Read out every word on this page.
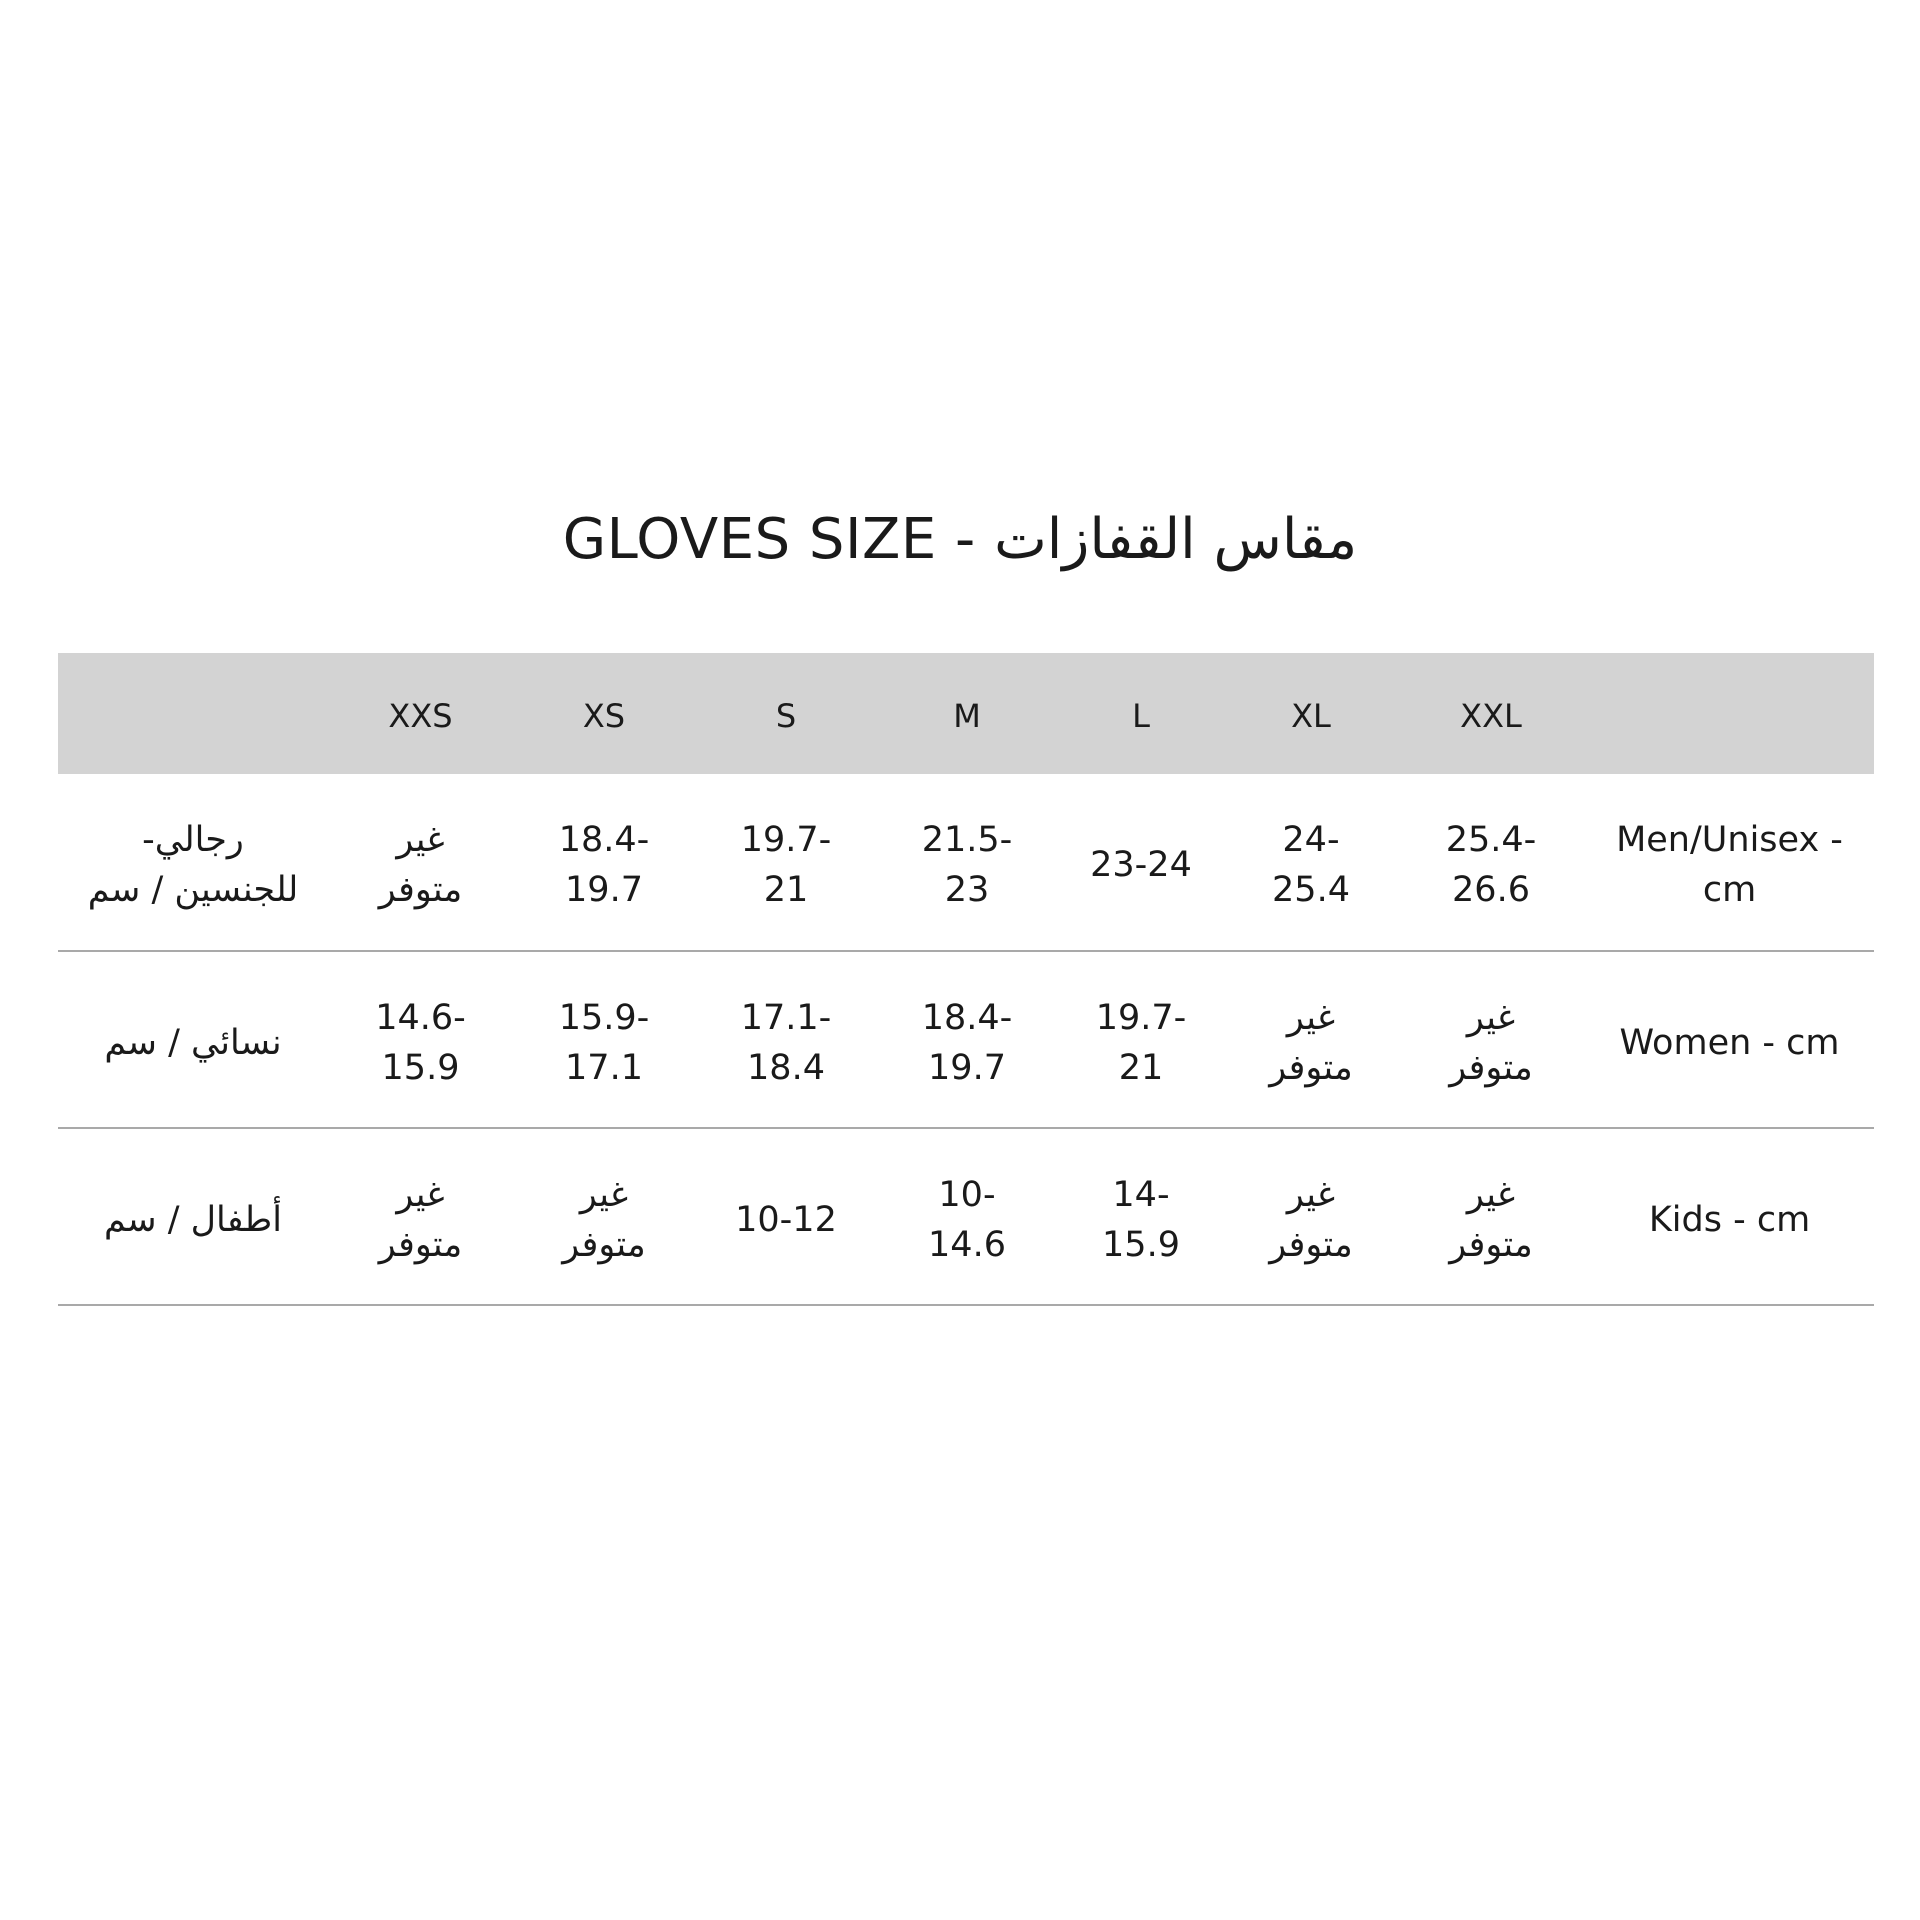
GLOVES SIZE - مقاس القفازات
	XXS	XS	S	M	L	XL	XXL	
رجالي- للجنسين / سم	غير متوفر	18.4-19.7	19.7-21	21.5-23	23-24	24-25.4	25.4-26.6	Men/Unisex - cm
نسائي / سم	14.6-15.9	15.9-17.1	17.1-18.4	18.4-19.7	19.7-21	غير متوفر	غير متوفر	Women - cm
أطفال / سم	غير متوفر	غير متوفر	10-12	10-14.6	14-15.9	غير متوفر	غير متوفر	Kids - cm
